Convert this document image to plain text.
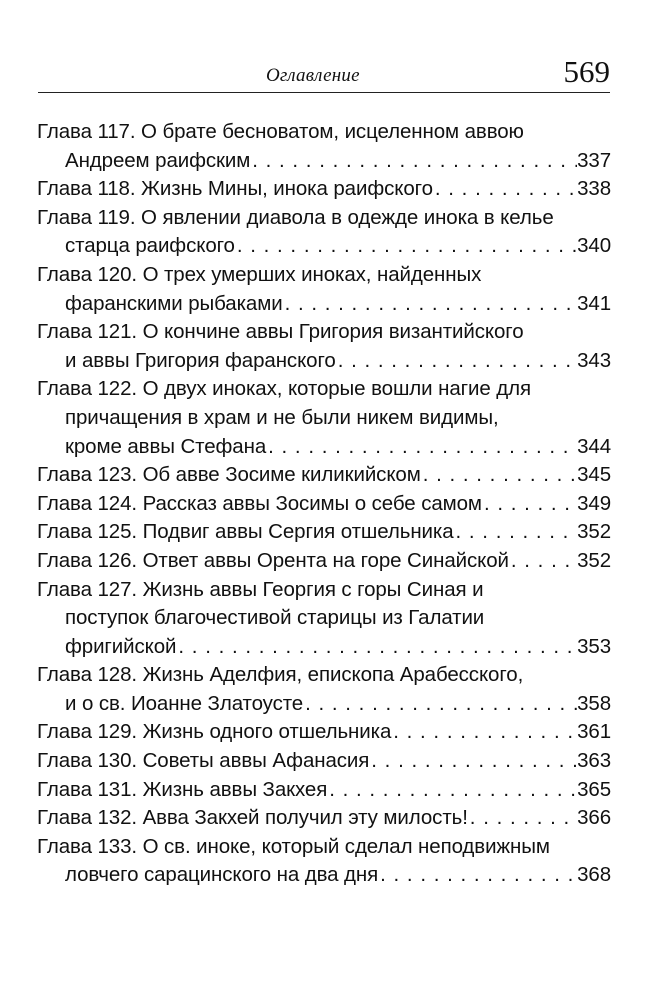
Оглавление	569
Глава 117. О брате бесноватом, исцеленном аввою
Андреем раифским . . .	337
Глава 118. Жизнь Мины, инока раифского . . .	338
Глава 119. О явлении диавола в одежде инока в келье
старца раифского . . .	340
Глава 120. О трех умерших иноках, найденных
фаранскими рыбаками . . .	341
Глава 121. О кончине аввы Григория византийского
и аввы Григория фаранского . . .	343
Глава 122. О двух иноках, которые вошли нагие для
причащения в храм и не были никем видимы,
кроме аввы Стефана . . .	344
Глава 123. Об авве Зосиме киликийском . . .	345
Глава 124. Рассказ аввы Зосимы о себе самом . . .	349
Глава 125. Подвиг аввы Сергия отшельника . . .	352
Глава 126. Ответ аввы Орента на горе Синайской . . .	352
Глава 127. Жизнь аввы Георгия с горы Синая и
поступок благочестивой старицы из Галатии
фригийской . . .	353
Глава 128. Жизнь Аделфия, епископа Арабесского,
и о св. Иоанне Златоусте . . .	358
Глава 129. Жизнь одного отшельника . . .	361
Глава 130. Советы аввы Афанасия . . .	363
Глава 131. Жизнь аввы Закхея . . .	365
Глава 132. Авва Закхей получил эту милость! . . .	366
Глава 133. О св. иноке, который сделал неподвижным
ловчего сарацинского на два дня . . .	368
